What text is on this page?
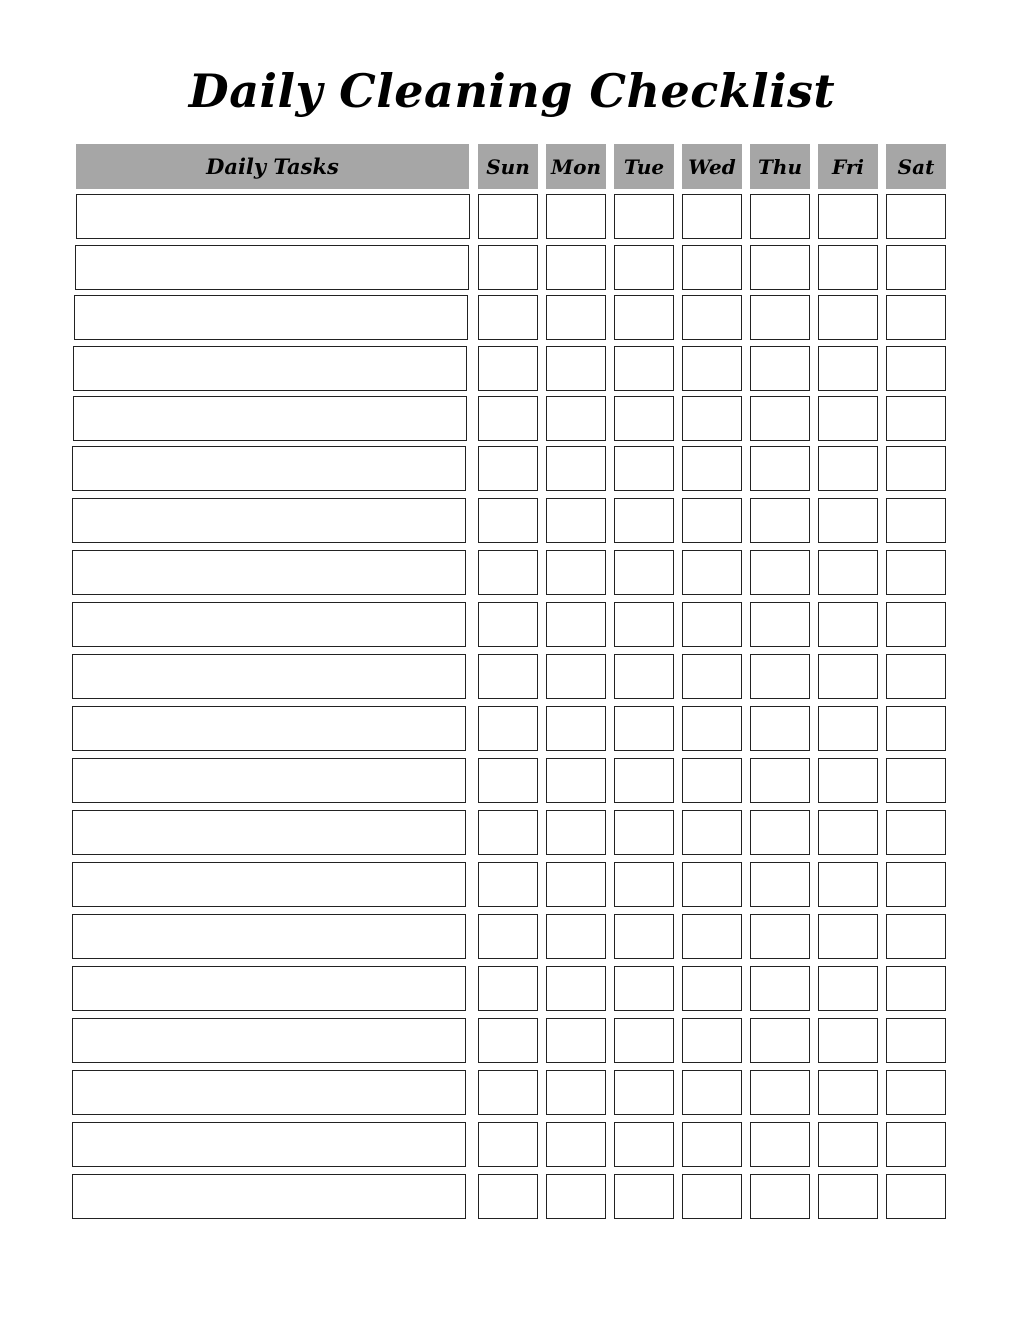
Daily Cleaning Checklist
Daily Tasks	Sun	Mon	Tue	Wed	Thu	Fri	Sat
